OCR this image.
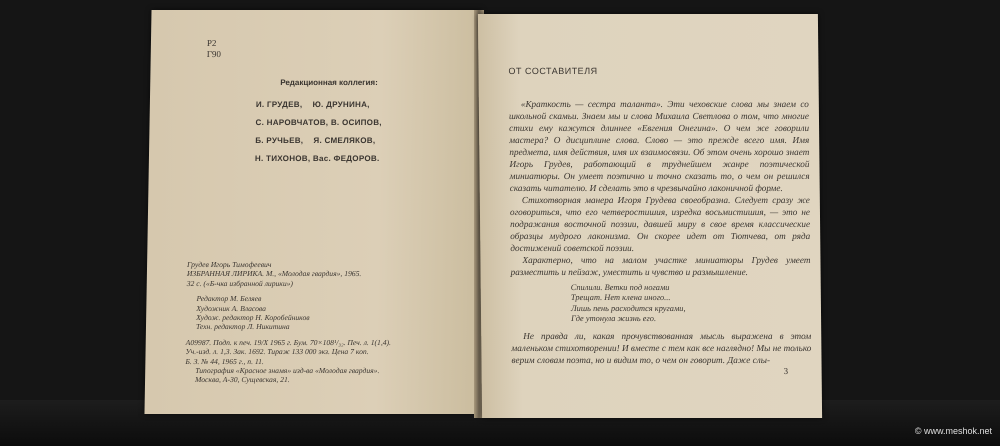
Р2
Г90
Редакционная коллегия:
И. ГРУДЕВ,    Ю. ДРУНИНА,
С. НАРОВЧАТОВ, В. ОСИПОВ,
Б. РУЧЬЕВ,    Я. СМЕЛЯКОВ,
Н. ТИХОНОВ, Вас. ФЕДОРОВ.
Грудев Игорь Тимофеевич
ИЗБРАННАЯ ЛИРИКА. М., «Молодая гвардия», 1965.
32 с. («Б-чка избранной лирики»)
Редактор М. Беляев
Художник А. Власова
Худож. редактор Н. Коробейников
Техн. редактор Л. Никитина
А09987. Подп. к печ. 19/X 1965 г. Бум. 70×108¹/₃₂. Печ. л. 1(1,4).
Уч.-изд. л. 1,3. Зак. 1692. Тираж 133 000 экз. Цена 7 коп.
Б. З. № 44, 1965 г., п. 11.
Типография «Красное знамя» изд-ва «Молодая гвардия».
Москва, А-30, Сущевская, 21.
ОТ СОСТАВИТЕЛЯ

«Краткость — сестра таланта». Эти чеховские слова мы знаем со школьной скамьи. Знаем мы и слова Михаила Светлова о том, что многие стихи ему кажутся длиннее «Евгения Онегина». О чем же говорили мастера? О дисциплине слова. Слово — это прежде всего имя. Имя предмета, имя действия, имя их взаимосвязи. Об этом очень хорошо знает Игорь Грудев, работающий в труднейшем жанре поэтической миниатюры. Он умеет поэтично и точно сказать то, о чем он решился сказать читателю. И сделать это в чрезвычайно лаконичной форме.

Стихотворная манера Игоря Грудева своеобразна. Следует сразу же оговориться, что его четверостишия, изредка восьмистишия, — это не подражания восточной поэзии, давшей миру в свое время классические образцы мудрого лаконизма. Он скорее идет от Тютчева, от ряда достижений советской поэзии.

Характерно, что на малом участке миниатюры Грудев умеет разместить и пейзаж, уместить и чувство и размышление.

Спилили. Ветки под ногами
Трещат. Нет клена иного...
Лишь пень расходится кругами,
Где утонула жизнь его.

Не правда ли, какая прочувствованная мысль выражена в этом маленьком стихотворении! И вместе с тем как все наглядно! Мы не только верим словам поэта, но и видим то, о чем он говорит. Даже слы-

3
© www.meshok.net
